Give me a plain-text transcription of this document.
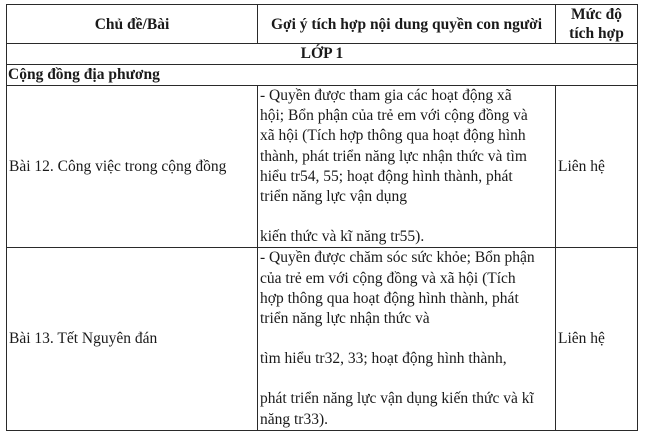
Chủ đề/Bài	Gợi ý tích hợp nội dung quyền con người	Mức độ
tích hợp
LỚP 1		
Cộng đồng địa phương		
Bài 12. Công việc trong cộng đồng	- Quyền được tham gia các hoạt động xã
hội; Bổn phận của trẻ em với cộng đồng và
xã hội (Tích hợp thông qua hoạt động hình
thành, phát triển năng lực nhận thức và tìm
hiểu tr54, 55; hoạt động hình thành, phát
triển năng lực vận dụng
kiến thức và kĩ năng tr55).	Liên hệ
Bài 13. Tết Nguyên đán	- Quyền được chăm sóc sức khỏe; Bổn phận
của trẻ em với cộng đồng và xã hội (Tích
hợp thông qua hoạt động hình thành, phát
triển năng lực nhận thức và
tìm hiểu tr32, 33; hoạt động hình thành,
phát triển năng lực vận dụng kiến thức và kĩ
năng tr33).	Liên hệ
